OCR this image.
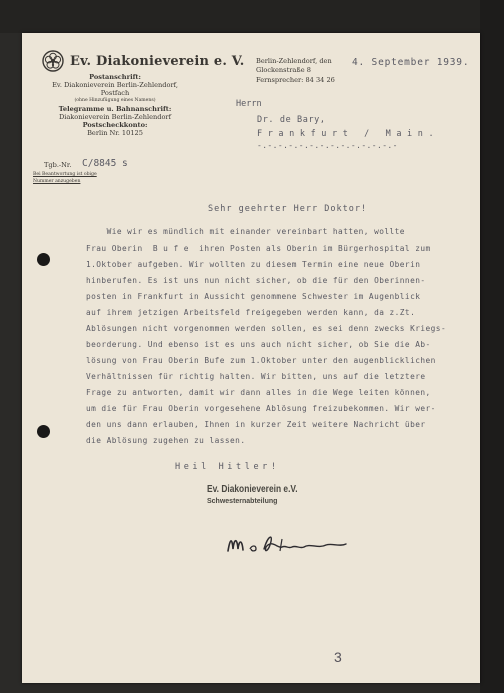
Ev. Diakonieverein e. V.
Postanschrift:
Ev. Diakonieverein Berlin-Zehlendorf, Postfach
(ohne Hinzufügung eines Namens)
Telegramme u. Bahnanschrift:
Diakonieverein Berlin-Zehlendorf
Postscheckkonto:
Berlin Nr. 10125
Berlin-Zehlendorf, den
Glockenstraße 8
Fernsprecher: 84 34 26
4. September 1939.
Tgb.-Nr. C/8845 s
Bei Beantwortung ist obige
Nummer anzugeben
Herrn
Dr. de Bary,
Frankfurt / Main.
-.-.-.-.-.-.-.-.-.-.-.-.-.-
Sehr geehrter Herr Doktor!
Wie wir es mündlich mit einander vereinbart hatten, wollte
Frau Oberin  B u f e  ihren Posten als Oberin im Bürgerhospital zum
1.Oktober aufgeben. Wir wollten zu diesem Termin eine neue Oberin
hinberufen. Es ist uns nun nicht sicher, ob die für den Oberinnen-
posten in Frankfurt in Aussicht genommene Schwester im Augenblick
auf ihrem jetzigen Arbeitsfeld freigegeben werden kann, da z.Zt.
Ablösungen nicht vorgenommen werden sollen, es sei denn zwecks Kriegs-
beorderung. Und ebenso ist es uns auch nicht sicher, ob Sie die Ab-
lösung von Frau Oberin Bufe zum 1.Oktober unter den augenblicklichen
Verhältnissen für richtig halten. Wir bitten, uns auf die letztere
Frage zu antworten, damit wir dann alles in die Wege leiten können,
um die für Frau Oberin vorgesehene Ablösung freizubekommen. Wir wer-
den uns dann erlauben, Ihnen in kurzer Zeit weitere Nachricht über
die Ablösung zugehen zu lassen.
Heil Hitler!
Ev. Diakonieverein e.V.
Schwesternabteilung
3
